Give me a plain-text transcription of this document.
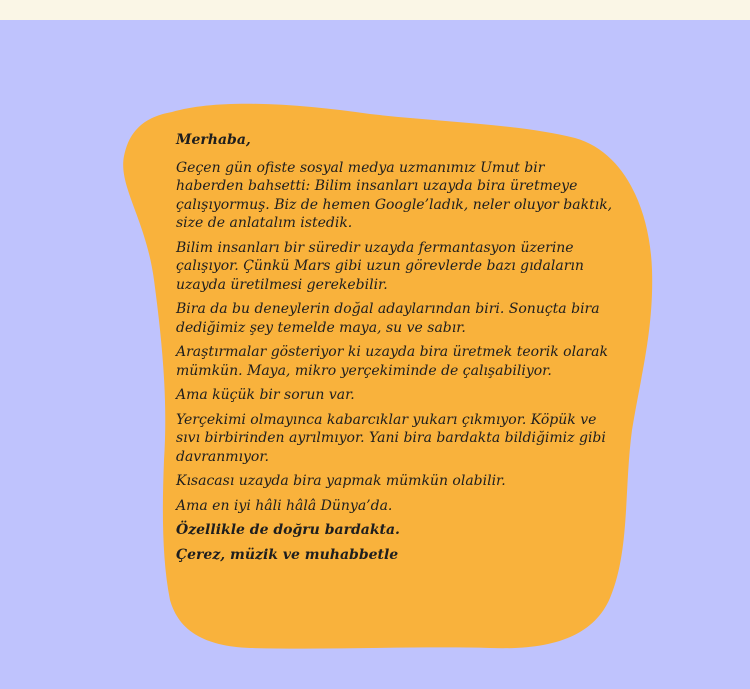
Merhaba,

Geçen gün ofiste sosyal medya uzmanımız Umut bir haberden bahsetti: Bilim insanları uzayda bira üretmeye çalışıyormuş. Biz de hemen Google’ladık, neler oluyor baktık, size de anlatalım istedik.

Bilim insanları bir süredir uzayda fermantasyon üzerine çalışıyor. Çünkü Mars gibi uzun görevlerde bazı gıdaların uzayda üretilmesi gerekebilir.

Bira da bu deneylerin doğal adaylarından biri. Sonuçta bira dediğimiz şey temelde maya, su ve sabır.

Araştırmalar gösteriyor ki uzayda bira üretmek teorik olarak mümkün. Maya, mikro yerçekiminde de çalışabiliyor.

Ama küçük bir sorun var.

Yerçekimi olmayınca kabarcıklar yukarı çıkmıyor. Köpük ve sıvı birbirinden ayrılmıyor. Yani bira bardakta bildiğimiz gibi davranmıyor.

Kısacası uzayda bira yapmak mümkün olabilir.

Ama en iyi hâli hâlâ Dünya’da.

Özellikle de doğru bardakta.

Çerez, müzik ve muhabbetle
